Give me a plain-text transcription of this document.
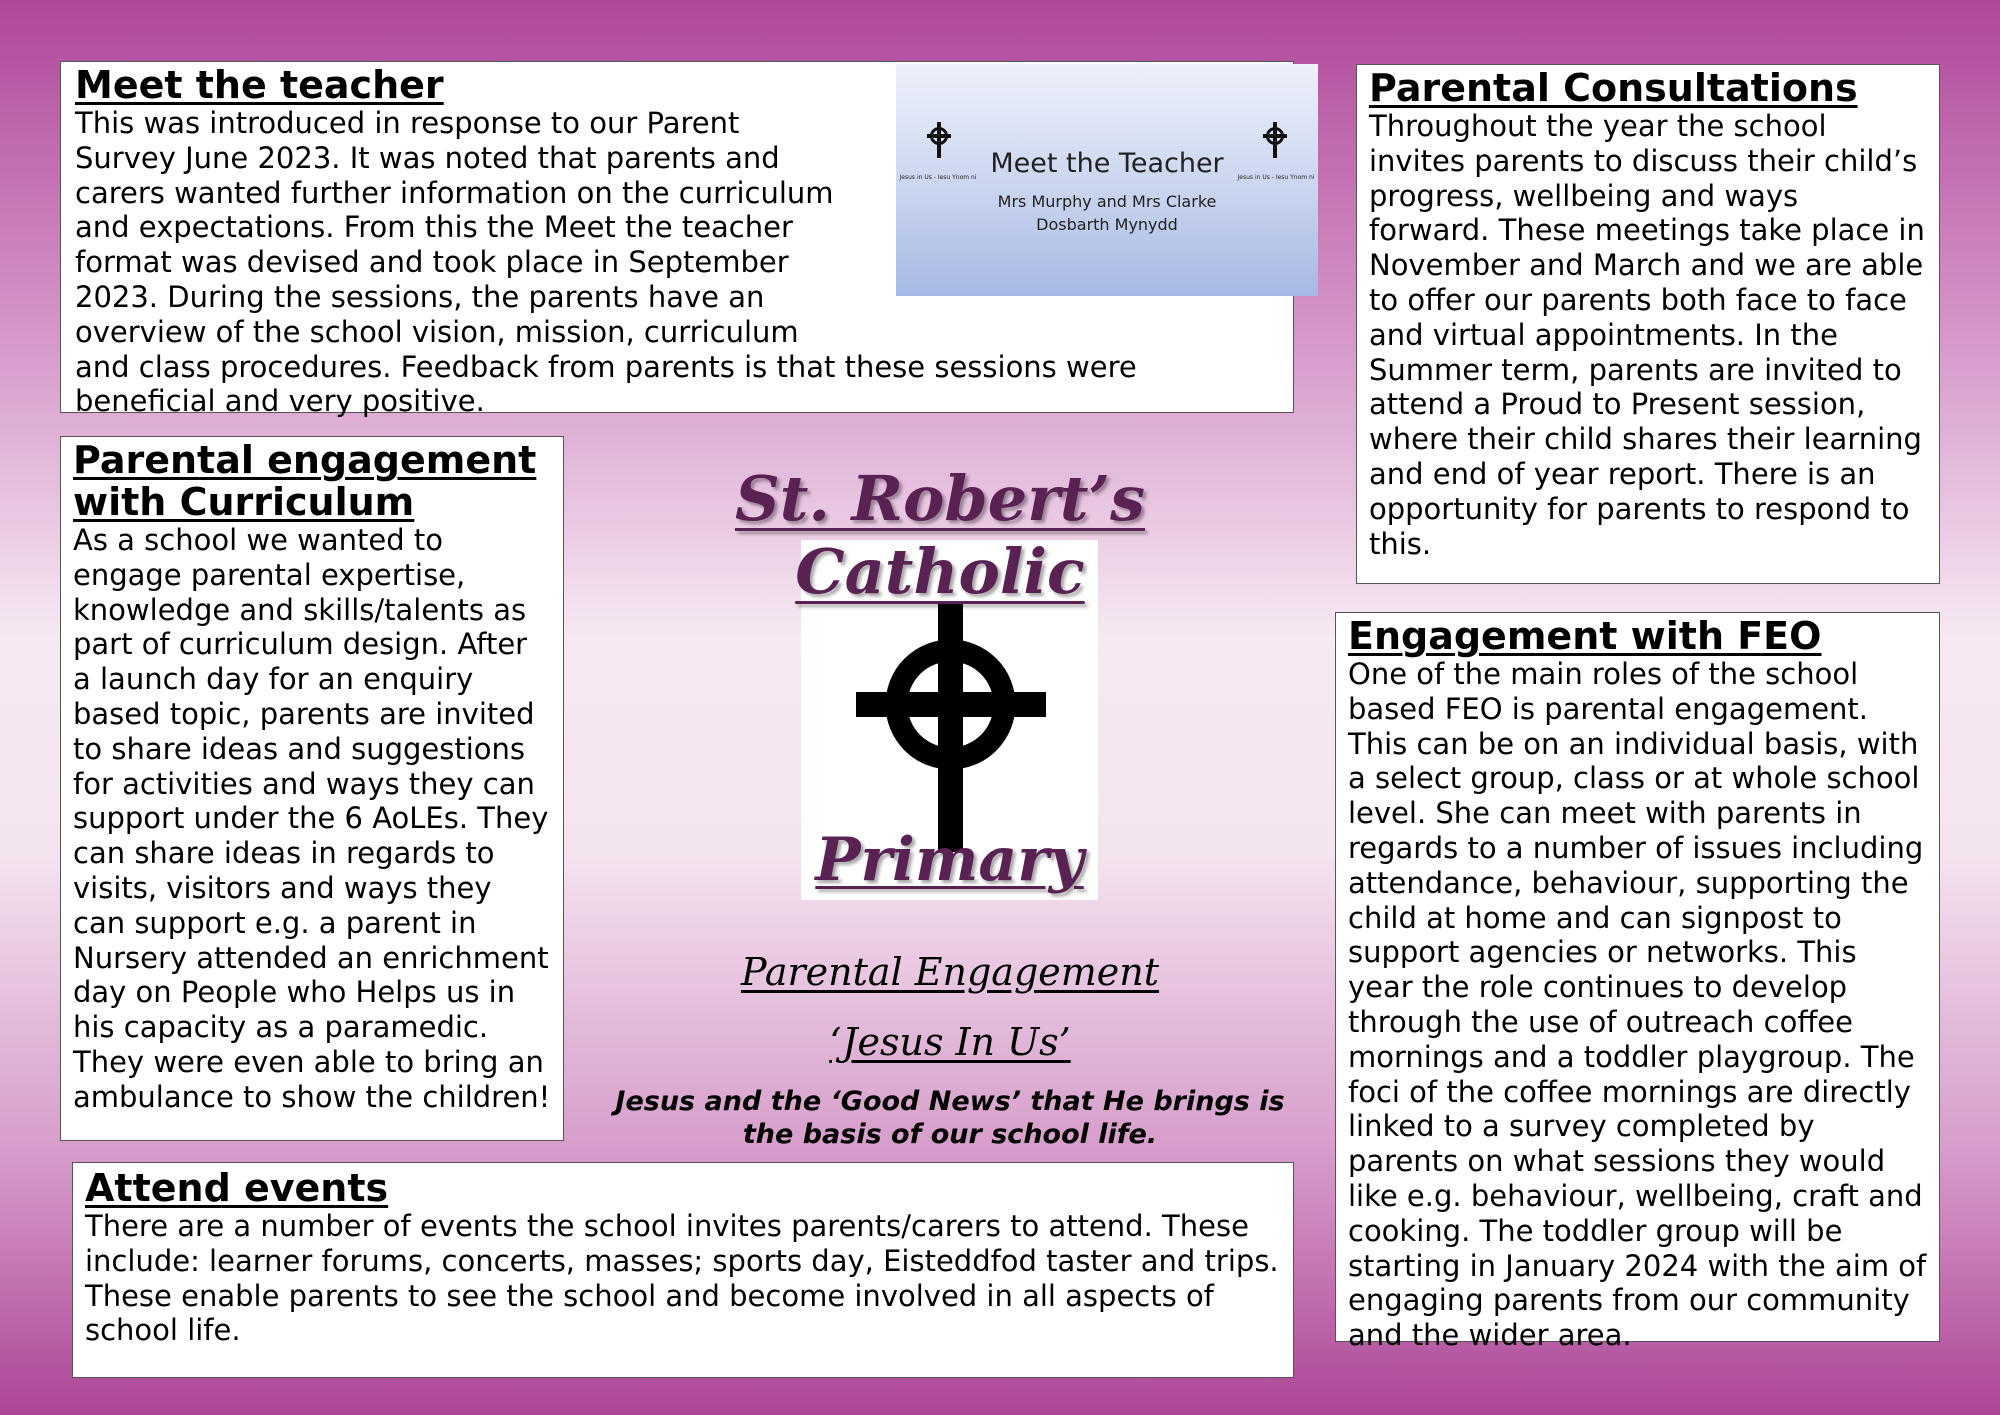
Meet the teacher

This was introduced in response to our Parent Survey June 2023. It was noted that parents and carers wanted further information on the curriculum and expectations. From this the Meet the teacher format was devised and took place in September 2023. During the sessions, the parents have an overview of the school vision, mission, curriculum and class procedures. Feedback from parents is that these sessions were beneficial and very positive.

Jesus in Us - Iesu Ynom ni	Jesus in Us - Iesu Ynom ni
Meet the Teacher
Mrs Murphy and Mrs Clarke
Dosbarth Mynydd
Parental engagement
with Curriculum

As a school we wanted to engage parental expertise, knowledge and skills/talents as part of curriculum design. After a launch day for an enquiry based topic, parents are invited to share ideas and suggestions for activities and ways they can support under the 6 AoLEs. They can share ideas in regards to visits, visitors and ways they can support e.g. a parent in Nursery attended an enrichment day on People who Helps us in his capacity as a paramedic. They were even able to bring an ambulance to show the children!

Parental Consultations

Throughout the year the school invites parents to discuss their child’s progress, wellbeing and ways forward. These meetings take place in November and March and we are able to offer our parents both face to face and virtual appointments. In the Summer term, parents are invited to attend a Proud to Present session, where their child shares their learning and end of year report. There is an opportunity for parents to respond to this.

Engagement with FEO

One of the main roles of the school based FEO is parental engagement. This can be on an individual basis, with a select group, class or at whole school level. She can meet with parents in regards to a number of issues including attendance, behaviour, supporting the child at home and can signpost to support agencies or networks. This year the role continues to develop through the use of outreach coffee mornings and a toddler playgroup. The foci of the coffee mornings are directly linked to a survey completed by parents on what sessions they would like e.g. behaviour, wellbeing, craft and cooking. The toddler group will be starting in January 2024 with the aim of engaging parents from our community and the wider area.

Attend events

There are a number of events the school invites parents/carers to attend. These include: learner forums, concerts, masses; sports day, Eisteddfod taster and trips. These enable parents to see the school and become involved in all aspects of school life.

St. Robert’s Catholic
Primary
Parental Engagement
‘Jesus In Us’
Jesus and the ‘Good News’ that He brings is the basis of our school life.
